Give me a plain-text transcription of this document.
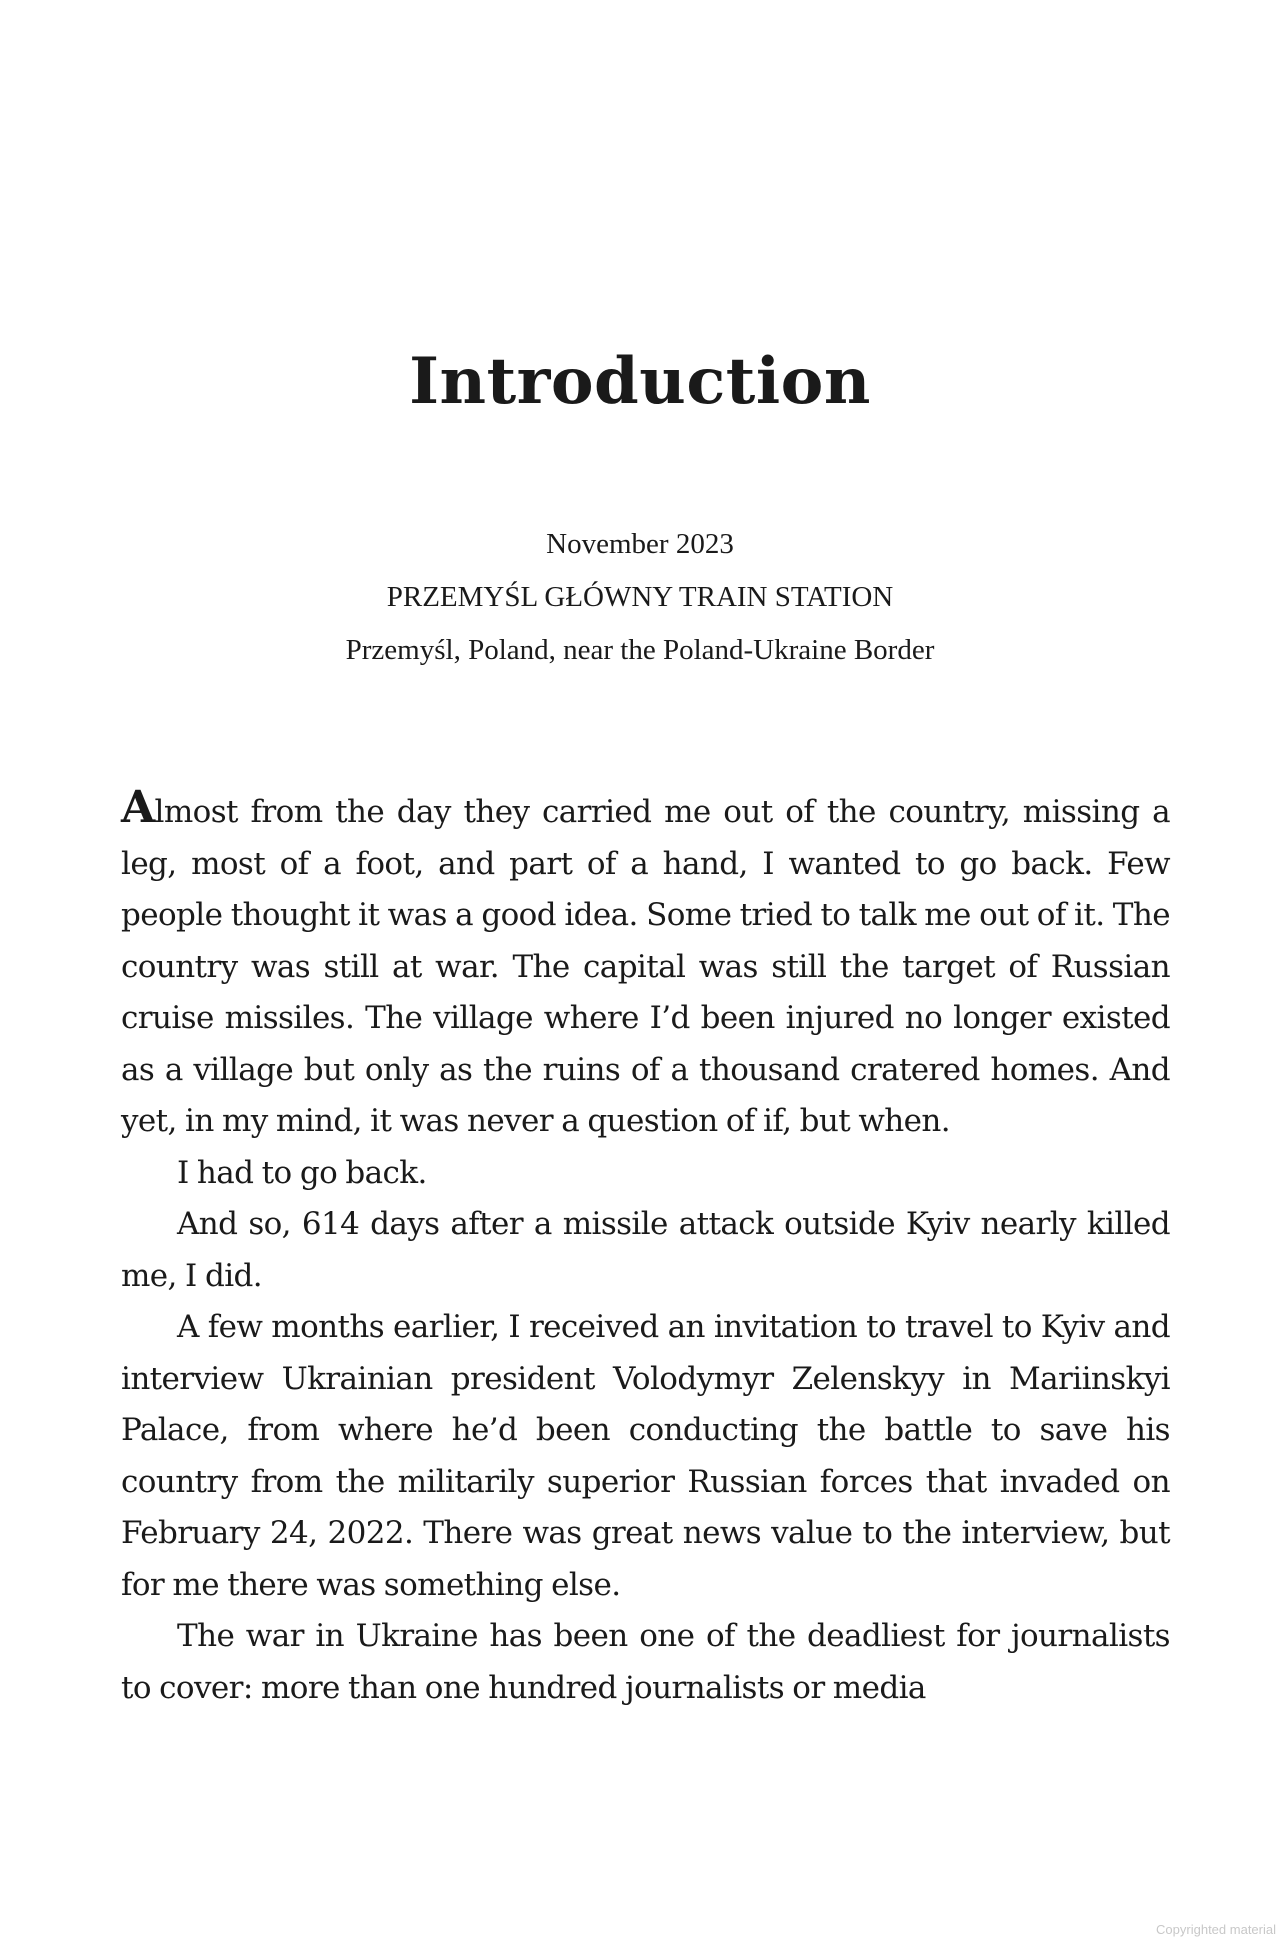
Introduction
November 2023
PRZEMYŚL GŁÓWNY TRAIN STATION
Przemyśl, Poland, near the Poland-Ukraine Border

Almost from the day they carried me out of the country, missing a leg, most of a foot, and part of a hand, I wanted to go back. Few people thought it was a good idea. Some tried to talk me out of it. The country was still at war. The capital was still the target of Russian cruise missiles. The village where I’d been injured no longer existed as a village but only as the ruins of a thousand cratered homes. And yet, in my mind, it was never a question of if, but when.

I had to go back.

And so, 614 days after a missile attack outside Kyiv nearly killed me, I did.

A few months earlier, I received an invitation to travel to Kyiv and interview Ukrainian president Volodymyr Zelenskyy in Mariinskyi Palace, from where he’d been conducting the battle to save his country from the militarily superior Russian forces that invaded on February 24, 2022. There was great news value to the interview, but for me there was something else.

The war in Ukraine has been one of the deadliest for journalists to cover: more than one hundred journalists or media

Copyrighted material
